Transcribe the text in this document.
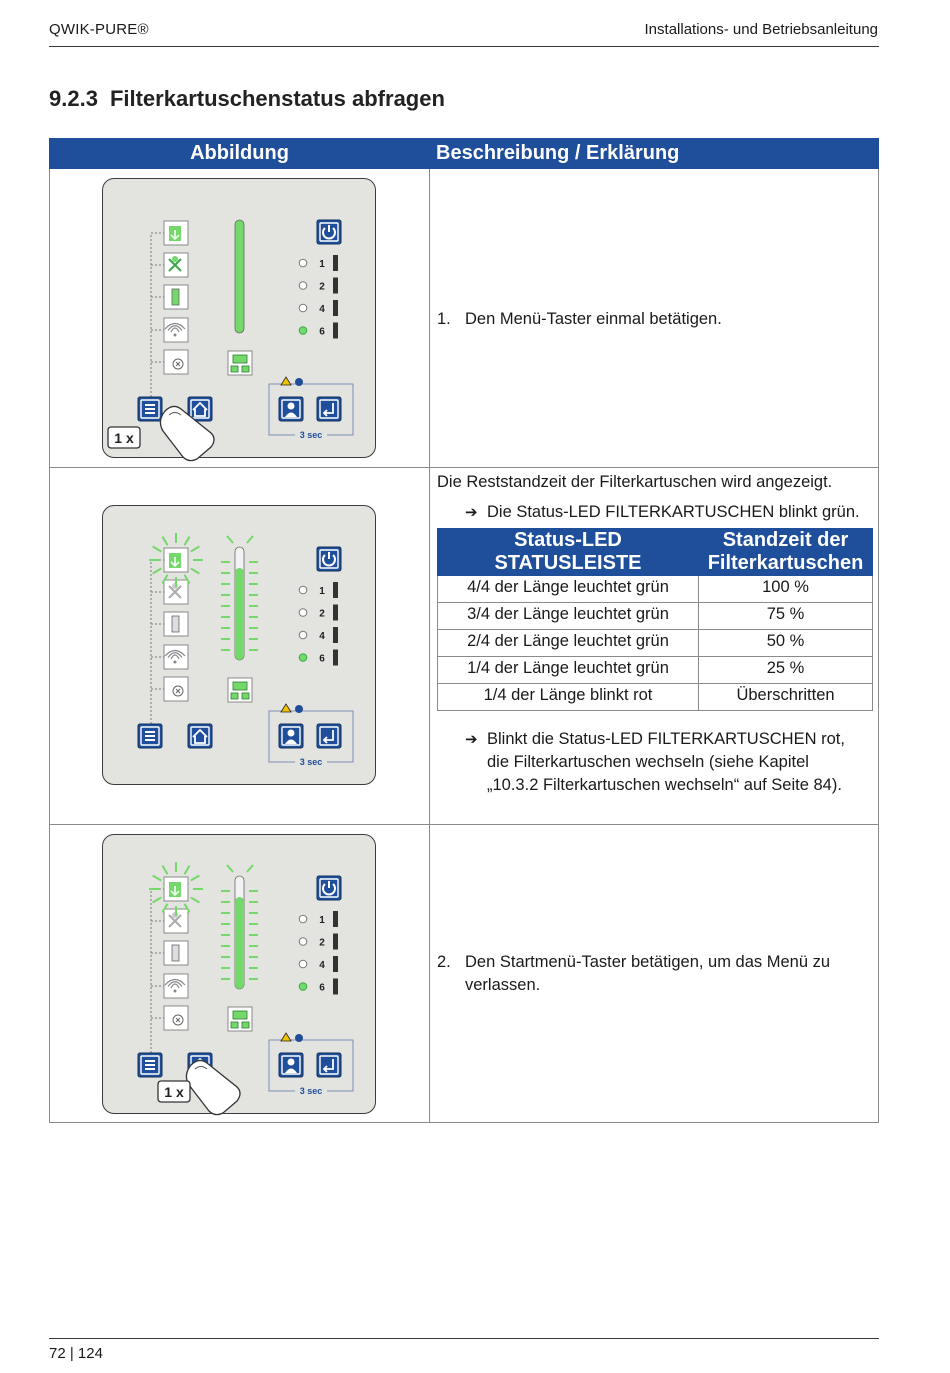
QWIK-PURE®	Installations- und Betriebsanleitung
9.2.3 Filterkartuschenstatus abfragen
Abbildung	Beschreibung / Erklärung

1
2
4
6
3 sec
1 x

1. Den Menü-Taster einmal betätigen.

1
2
4
6
3 sec

Die Reststandzeit der Filterkartuschen wird angezeigt.
➔ Die Status-LED FILTERKARTUSCHEN blinkt grün.
Status-LED STATUSLEISTE	Standzeit der Filterkartuschen
4/4 der Länge leuchtet grün	100 %
3/4 der Länge leuchtet grün	75 %
2/4 der Länge leuchtet grün	50 %
1/4 der Länge leuchtet grün	25 %
1/4 der Länge blinkt rot	Überschritten
➔ Blinkt die Status-LED FILTERKARTUSCHEN rot, die Filterkartuschen wechseln (siehe Kapitel „10.3.2 Filterkartuschen wechseln“ auf Seite 84).

1
2
4
6
3 sec
1 x

2. Den Startmenü-Taster betätigen, um das Menü zu verlassen.
72 | 124
